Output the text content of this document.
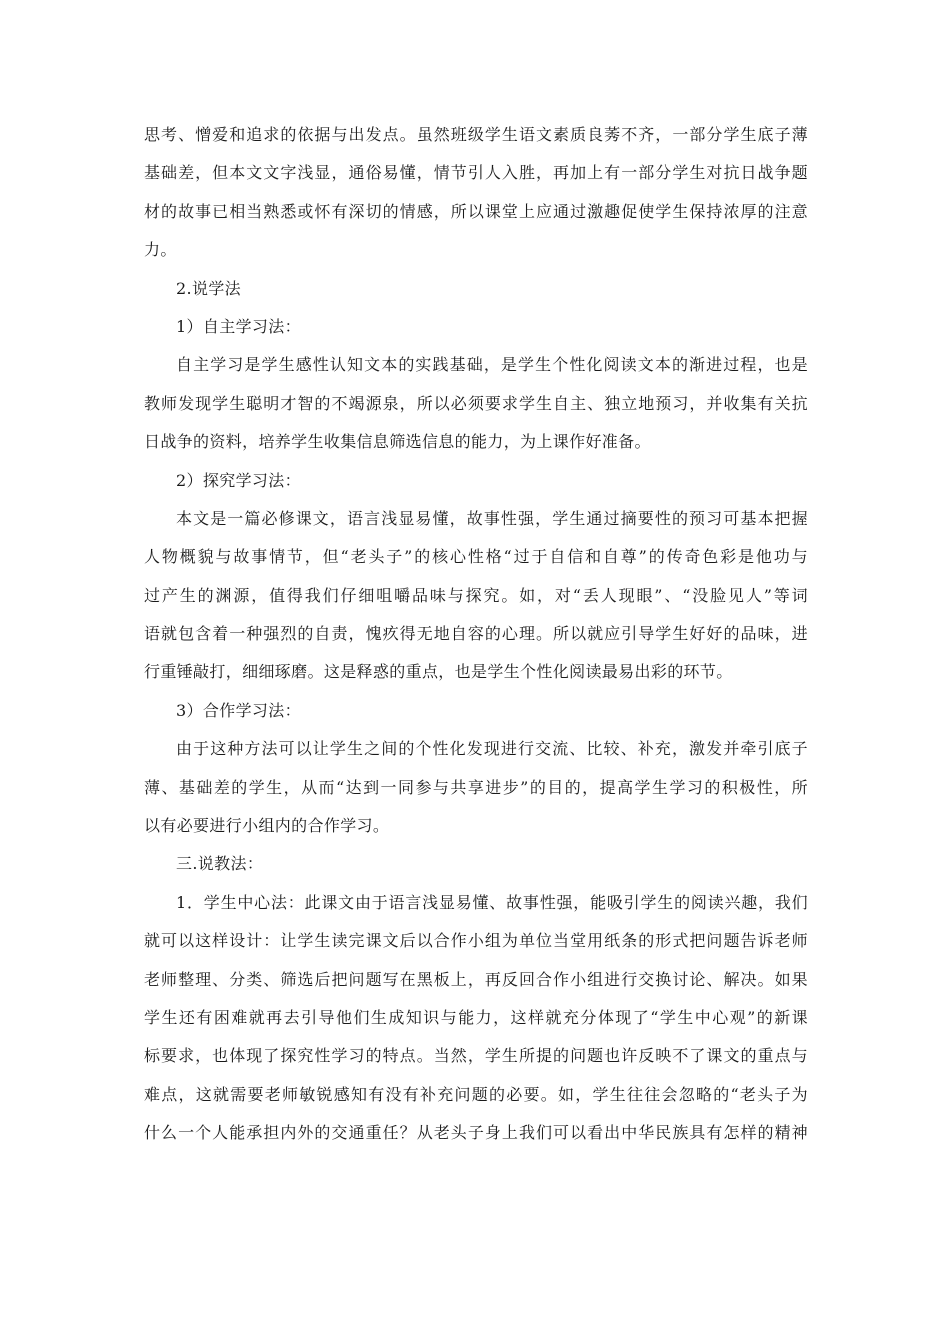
思考、憎爱和追求的依据与出发点。虽然班级学生语文素质良莠不齐，一部分学生底子薄
基础差，但本文文字浅显，通俗易懂，情节引人入胜，再加上有一部分学生对抗日战争题
材的故事已相当熟悉或怀有深切的情感，所以课堂上应通过激趣促使学生保持浓厚的注意
力。
2.说学法
1）自主学习法：
自主学习是学生感性认知文本的实践基础，是学生个性化阅读文本的渐进过程，也是
教师发现学生聪明才智的不竭源泉，所以必须要求学生自主、独立地预习，并收集有关抗
日战争的资料，培养学生收集信息筛选信息的能力，为上课作好准备。
2）探究学习法：
本文是一篇必修课文，语言浅显易懂，故事性强，学生通过摘要性的预习可基本把握
人物概貌与故事情节，但“老头子”的核心性格“过于自信和自尊”的传奇色彩是他功与
过产生的渊源，值得我们仔细咀嚼品味与探究。如，对“丢人现眼”、“没脸见人”等词
语就包含着一种强烈的自责，愧疚得无地自容的心理。所以就应引导学生好好的品味，进
行重锤敲打，细细琢磨。这是释惑的重点，也是学生个性化阅读最易出彩的环节。
3）合作学习法：
由于这种方法可以让学生之间的个性化发现进行交流、比较、补充，激发并牵引底子
薄、基础差的学生，从而“达到一同参与共享进步”的目的，提高学生学习的积极性，所
以有必要进行小组内的合作学习。
三.说教法：
1．学生中心法：此课文由于语言浅显易懂、故事性强，能吸引学生的阅读兴趣，我们
就可以这样设计：让学生读完课文后以合作小组为单位当堂用纸条的形式把问题告诉老师
老师整理、分类、筛选后把问题写在黑板上，再反回合作小组进行交换讨论、解决。如果
学生还有困难就再去引导他们生成知识与能力，这样就充分体现了“学生中心观”的新课
标要求，也体现了探究性学习的特点。当然，学生所提的问题也许反映不了课文的重点与
难点，这就需要老师敏锐感知有没有补充问题的必要。如，学生往往会忽略的“老头子为
什么一个人能承担内外的交通重任？从老头子身上我们可以看出中华民族具有怎样的精神
